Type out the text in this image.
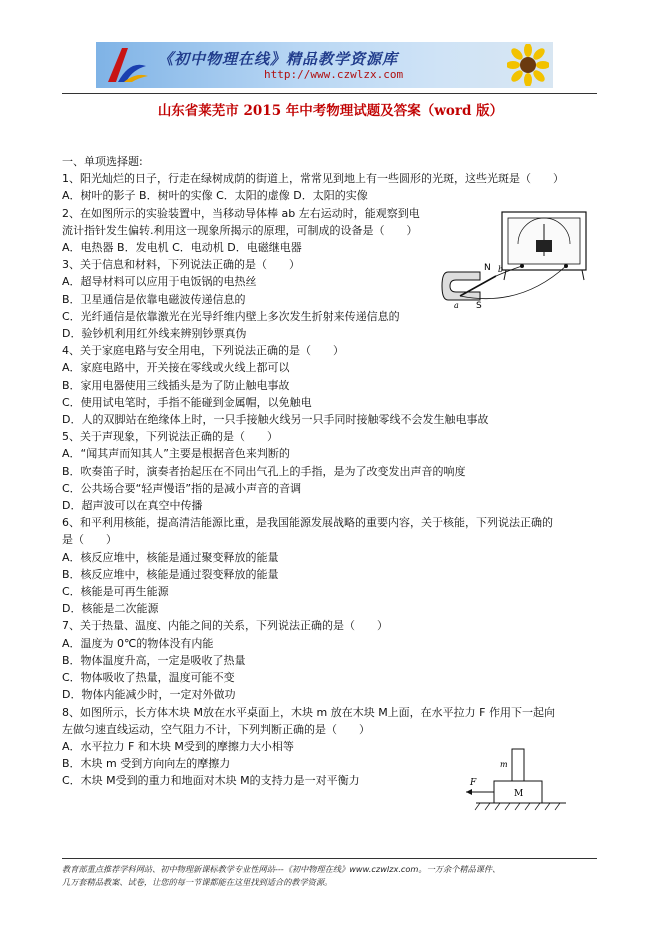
《初中物理在线》精品教学资源库
http://www.czwlzx.com
山东省莱芜市 2015 年中考物理试题及答案（word 版）
一、单项选择题:
1、阳光灿烂的日子，行走在绿树成荫的街道上，常常见到地上有一些圆形的光斑，这些光斑是（　　）
A．树叶的影子 B．树叶的实像 C．太阳的虚像 D．太阳的实像
2、在如图所示的实验装置中，当移动导体棒 ab 左右运动时，能观察到电
流计指针发生偏转.利用这一现象所揭示的原理，可制成的设备是（　　）
A．电热器 B．发电机 C．电动机 D．电磁继电器
3、关于信息和材料，下列说法正确的是（　　）
A．超导材料可以应用于电饭锅的电热丝
B．卫星通信是依靠电磁波传递信息的
C．光纤通信是依靠激光在光导纤维内壁上多次发生折射来传递信息的
D．验钞机利用红外线来辨别钞票真伪
4、关于家庭电路与安全用电，下列说法正确的是（　　）
A．家庭电路中，开关接在零线或火线上都可以
B．家用电器使用三线插头是为了防止触电事故
C．使用试电笔时，手指不能碰到金属帽，以免触电
D．人的双脚站在绝缘体上时，一只手接触火线另一只手同时接触零线不会发生触电事故
5、关于声现象，下列说法正确的是（　　）
A．“闻其声而知其人”主要是根据音色来判断的
B．吹奏笛子时，演奏者抬起压在不同出气孔上的手指，是为了改变发出声音的响度
C．公共场合要“轻声慢语”指的是减小声音的音调
D．超声波可以在真空中传播
6、和平利用核能，提高清洁能源比重，是我国能源发展战略的重要内容，关于核能，下列说法正确的
是（　　）
A．核反应堆中，核能是通过聚变释放的能量
B．核反应堆中，核能是通过裂变释放的能量
C．核能是可再生能源
D．核能是二次能源
7、关于热量、温度、内能之间的关系，下列说法正确的是（　　）
A．温度为 0℃的物体没有内能
B．物体温度升高，一定是吸收了热量
C．物体吸收了热量，温度可能不变
D．物体内能减少时，一定对外做功
8、如图所示，长方体木块 M放在水平桌面上，木块 m 放在木块 M上面，在水平拉力 F 作用下一起向
左做匀速直线运动，空气阻力不计，下列判断正确的是（　　）
A．水平拉力 F 和木块 M受到的摩擦力大小相等
B．木块 m 受到方向向左的摩擦力
C．木块 M受到的重力和地面对木块 M的支持力是一对平衡力
N
S
a
b
m
M
F
教育部重点推荐学科网站、初中物理新课标教学专业性网站---《初中物理在线》www.czwlzx.com。一万余个精品课件、
几万套精品教案、试卷，让您的每一节课都能在这里找到适合的教学资源。
